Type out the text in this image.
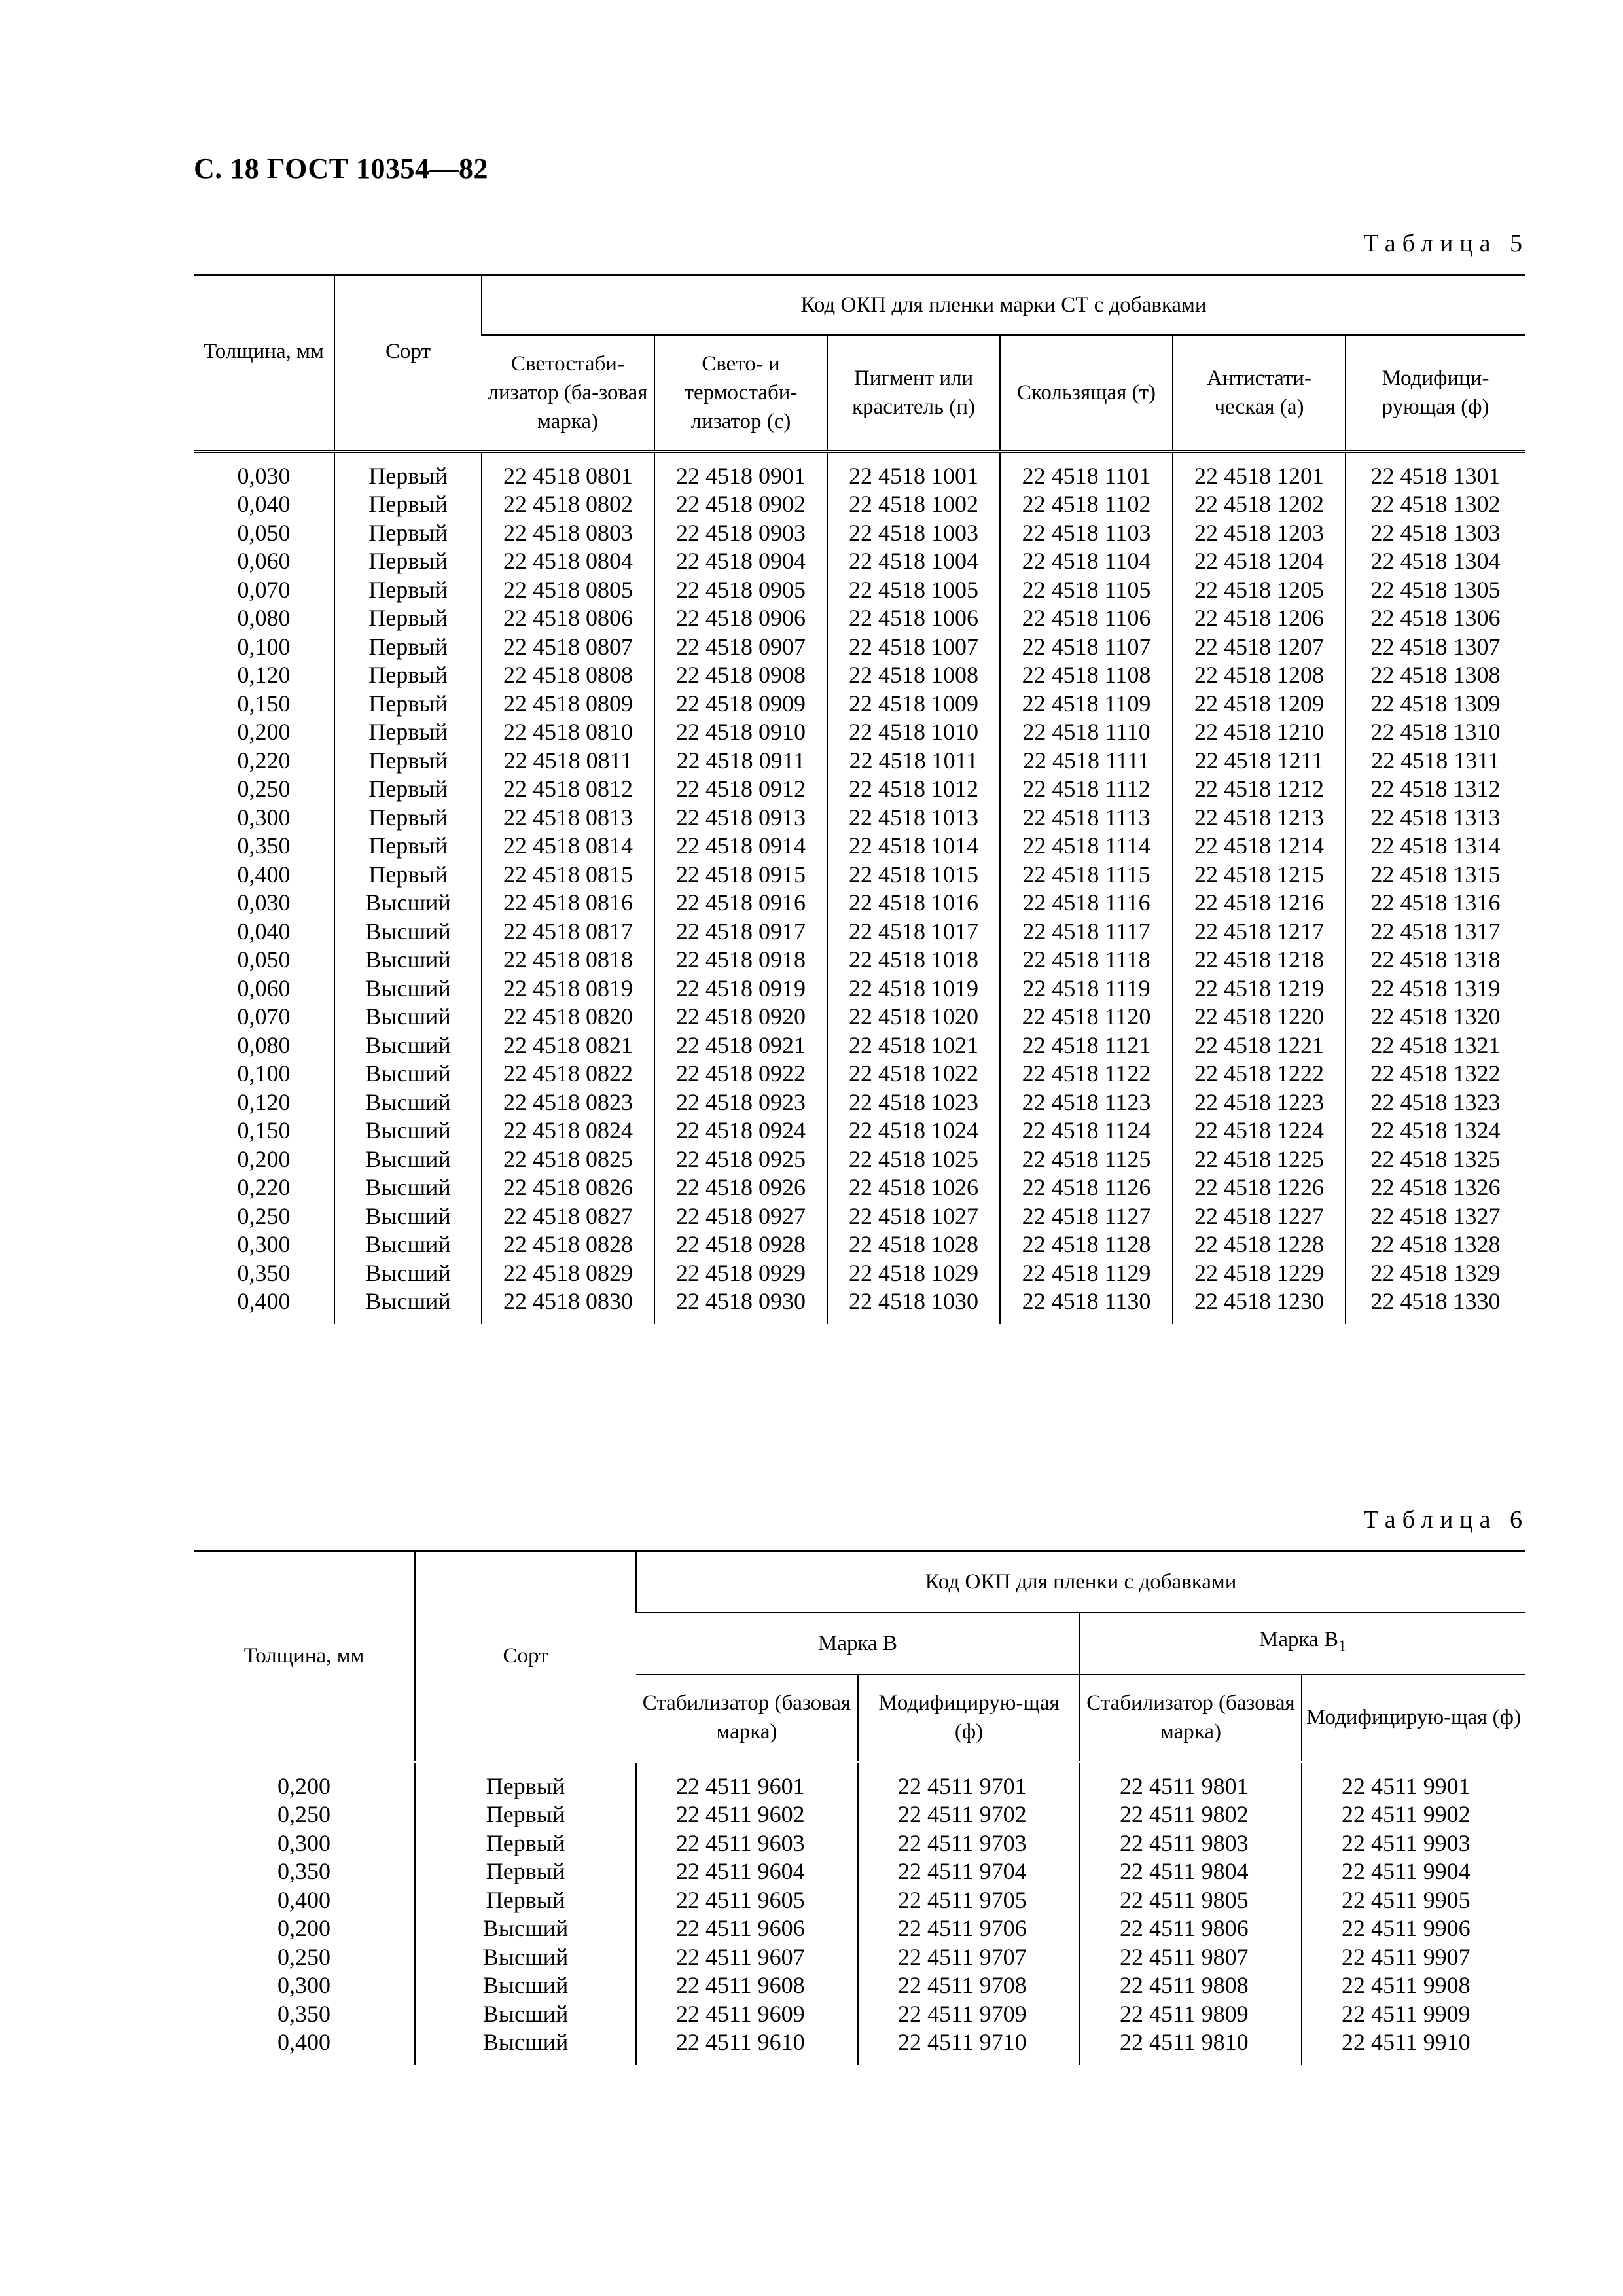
С. 18 ГОСТ 10354—82
Таблица 5
Толщина, мм	Сорт	Код ОКП для пленки марки СТ с добавками					
		Светостаби-лизатор (ба-зовая марка)	Свето- и термостаби-лизатор (с)	Пигмент или краситель (п)	Скользящая (т)	Антистати-ческая (а)	Модифици-рующая (ф)
0,030	Первый	22 4518 0801	22 4518 0901	22 4518 1001	22 4518 1101	22 4518 1201	22 4518 1301
0,040	Первый	22 4518 0802	22 4518 0902	22 4518 1002	22 4518 1102	22 4518 1202	22 4518 1302
0,050	Первый	22 4518 0803	22 4518 0903	22 4518 1003	22 4518 1103	22 4518 1203	22 4518 1303
0,060	Первый	22 4518 0804	22 4518 0904	22 4518 1004	22 4518 1104	22 4518 1204	22 4518 1304
0,070	Первый	22 4518 0805	22 4518 0905	22 4518 1005	22 4518 1105	22 4518 1205	22 4518 1305
0,080	Первый	22 4518 0806	22 4518 0906	22 4518 1006	22 4518 1106	22 4518 1206	22 4518 1306
0,100	Первый	22 4518 0807	22 4518 0907	22 4518 1007	22 4518 1107	22 4518 1207	22 4518 1307
0,120	Первый	22 4518 0808	22 4518 0908	22 4518 1008	22 4518 1108	22 4518 1208	22 4518 1308
0,150	Первый	22 4518 0809	22 4518 0909	22 4518 1009	22 4518 1109	22 4518 1209	22 4518 1309
0,200	Первый	22 4518 0810	22 4518 0910	22 4518 1010	22 4518 1110	22 4518 1210	22 4518 1310
0,220	Первый	22 4518 0811	22 4518 0911	22 4518 1011	22 4518 1111	22 4518 1211	22 4518 1311
0,250	Первый	22 4518 0812	22 4518 0912	22 4518 1012	22 4518 1112	22 4518 1212	22 4518 1312
0,300	Первый	22 4518 0813	22 4518 0913	22 4518 1013	22 4518 1113	22 4518 1213	22 4518 1313
0,350	Первый	22 4518 0814	22 4518 0914	22 4518 1014	22 4518 1114	22 4518 1214	22 4518 1314
0,400	Первый	22 4518 0815	22 4518 0915	22 4518 1015	22 4518 1115	22 4518 1215	22 4518 1315
0,030	Высший	22 4518 0816	22 4518 0916	22 4518 1016	22 4518 1116	22 4518 1216	22 4518 1316
0,040	Высший	22 4518 0817	22 4518 0917	22 4518 1017	22 4518 1117	22 4518 1217	22 4518 1317
0,050	Высший	22 4518 0818	22 4518 0918	22 4518 1018	22 4518 1118	22 4518 1218	22 4518 1318
0,060	Высший	22 4518 0819	22 4518 0919	22 4518 1019	22 4518 1119	22 4518 1219	22 4518 1319
0,070	Высший	22 4518 0820	22 4518 0920	22 4518 1020	22 4518 1120	22 4518 1220	22 4518 1320
0,080	Высший	22 4518 0821	22 4518 0921	22 4518 1021	22 4518 1121	22 4518 1221	22 4518 1321
0,100	Высший	22 4518 0822	22 4518 0922	22 4518 1022	22 4518 1122	22 4518 1222	22 4518 1322
0,120	Высший	22 4518 0823	22 4518 0923	22 4518 1023	22 4518 1123	22 4518 1223	22 4518 1323
0,150	Высший	22 4518 0824	22 4518 0924	22 4518 1024	22 4518 1124	22 4518 1224	22 4518 1324
0,200	Высший	22 4518 0825	22 4518 0925	22 4518 1025	22 4518 1125	22 4518 1225	22 4518 1325
0,220	Высший	22 4518 0826	22 4518 0926	22 4518 1026	22 4518 1126	22 4518 1226	22 4518 1326
0,250	Высший	22 4518 0827	22 4518 0927	22 4518 1027	22 4518 1127	22 4518 1227	22 4518 1327
0,300	Высший	22 4518 0828	22 4518 0928	22 4518 1028	22 4518 1128	22 4518 1228	22 4518 1328
0,350	Высший	22 4518 0829	22 4518 0929	22 4518 1029	22 4518 1129	22 4518 1229	22 4518 1329
0,400	Высший	22 4518 0830	22 4518 0930	22 4518 1030	22 4518 1130	22 4518 1230	22 4518 1330
Таблица 6
Толщина, мм	Сорт	Код ОКП для пленки с добавками			
		Марка В		Марка $В_1$
		Стабилизатор (базовая марка)	Модифицирую-щая (ф)	Стабилизатор (базовая марка)	Модифицирую-щая (ф)
0,200	Первый	22 4511 9601	22 4511 9701	22 4511 9801	22 4511 9901
0,250	Первый	22 4511 9602	22 4511 9702	22 4511 9802	22 4511 9902
0,300	Первый	22 4511 9603	22 4511 9703	22 4511 9803	22 4511 9903
0,350	Первый	22 4511 9604	22 4511 9704	22 4511 9804	22 4511 9904
0,400	Первый	22 4511 9605	22 4511 9705	22 4511 9805	22 4511 9905
0,200	Высший	22 4511 9606	22 4511 9706	22 4511 9806	22 4511 9906
0,250	Высший	22 4511 9607	22 4511 9707	22 4511 9807	22 4511 9907
0,300	Высший	22 4511 9608	22 4511 9708	22 4511 9808	22 4511 9908
0,350	Высший	22 4511 9609	22 4511 9709	22 4511 9809	22 4511 9909
0,400	Высший	22 4511 9610	22 4511 9710	22 4511 9810	22 4511 9910
